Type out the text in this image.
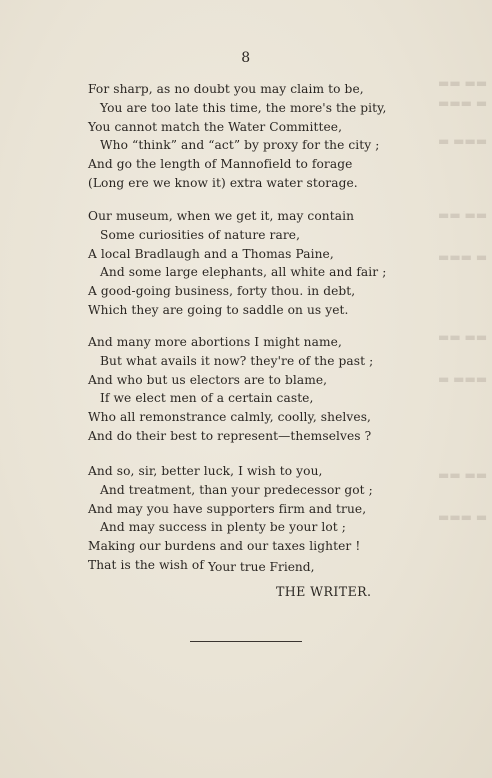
​▬▬ ▬▬
​▬▬▬ ▬
​▬ ▬▬▬
​▬▬ ▬▬
​▬▬▬ ▬
​▬▬ ▬▬
​▬ ▬▬▬
​▬▬ ▬▬
​▬▬▬ ▬
8
For sharp, as no doubt you may claim to be,
You are too late this time, the more's the pity,
You cannot match the Water Committee,
Who “think” and “act” by proxy for the city ;
And go the length of Mannofield to forage
(Long ere we know it) extra water storage.
Our museum, when we get it, may contain
Some curiosities of nature rare,
A local Bradlaugh and a Thomas Paine,
And some large elephants, all white and fair ;
A good-going business, forty thou. in debt,
Which they are going to saddle on us yet.
And many more abortions I might name,
But what avails it now? they're of the past ;
And who but us electors are to blame,
If we elect men of a certain caste,
Who all remonstrance calmly, coolly, shelves,
And do their best to represent—themselves ?
And so, sir, better luck, I wish to you,
And treatment, than your predecessor got ;
And may you have supporters firm and true,
And may success in plenty be your lot ;
Making our burdens and our taxes lighter !
That is the wish of Your true Friend,
THE WRITER.
